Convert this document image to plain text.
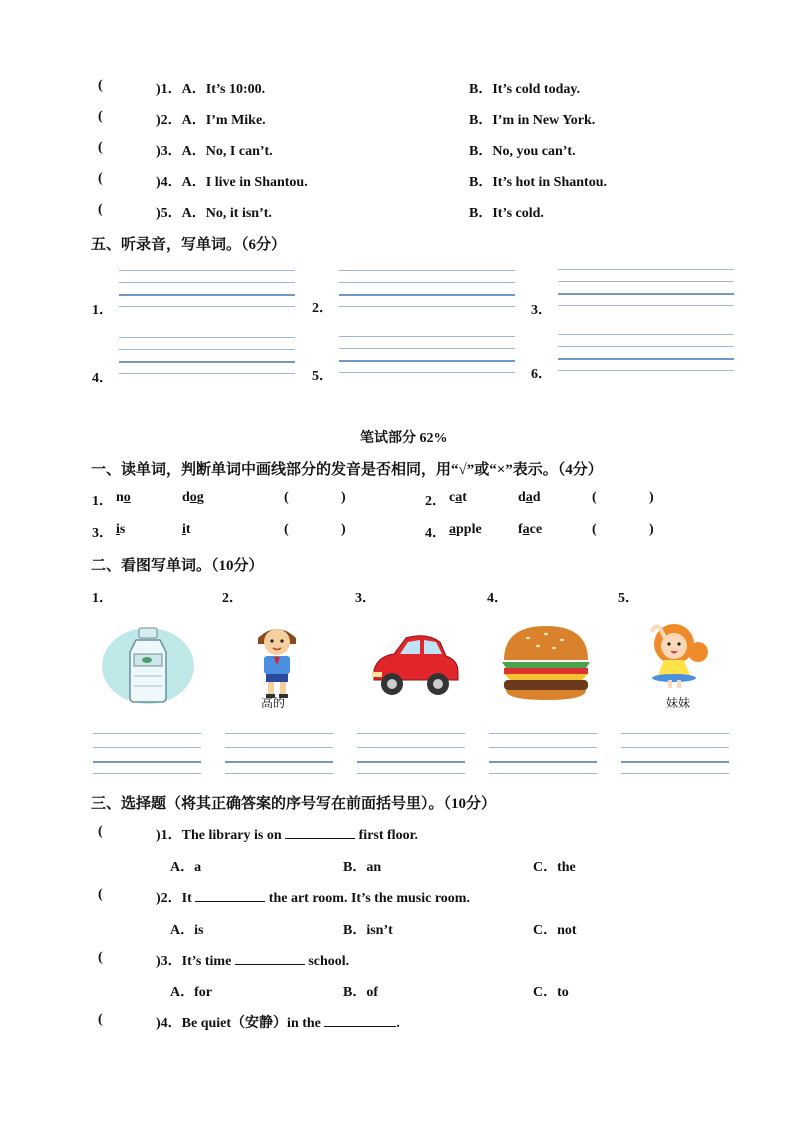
(	)1．A．It’s 10:00.	B．It’s cold today.
(	)2．A．I’m Mike.	B．I’m in New York.
(	)3．A．No, I can’t.	B．No, you can’t.
(	)4．A．I live in Shantou.	B．It’s hot in Shantou.
(	)5．A．No, it isn’t.	B．It’s cold.
五、听录音，写单词。（6分）
1．	2．	3．
4．	5．	6．
笔试部分 62%
一、读单词，判断单词中画线部分的发音是否相同，用“√”或“×”表示。（4分）
1． no	dog	(	)	2． cat	dad	(	)
3． is	it	(	)	4． apple	face	(	)
二、看图写单词。（10分）
1．	2．	3．	4．	5．
高的	妹妹
三、选择题（将其正确答案的序号写在前面括号里）。（10分）
(	)1．The library is on	first floor.
A．a	B．an	C．the
(	)2．It	the art room. It’s the music room.
A．is	B．isn’t	C．not
(	)3．It’s time	school.
A．for	B．of	C．to
(	)4．Be quiet（安静）in the	.
